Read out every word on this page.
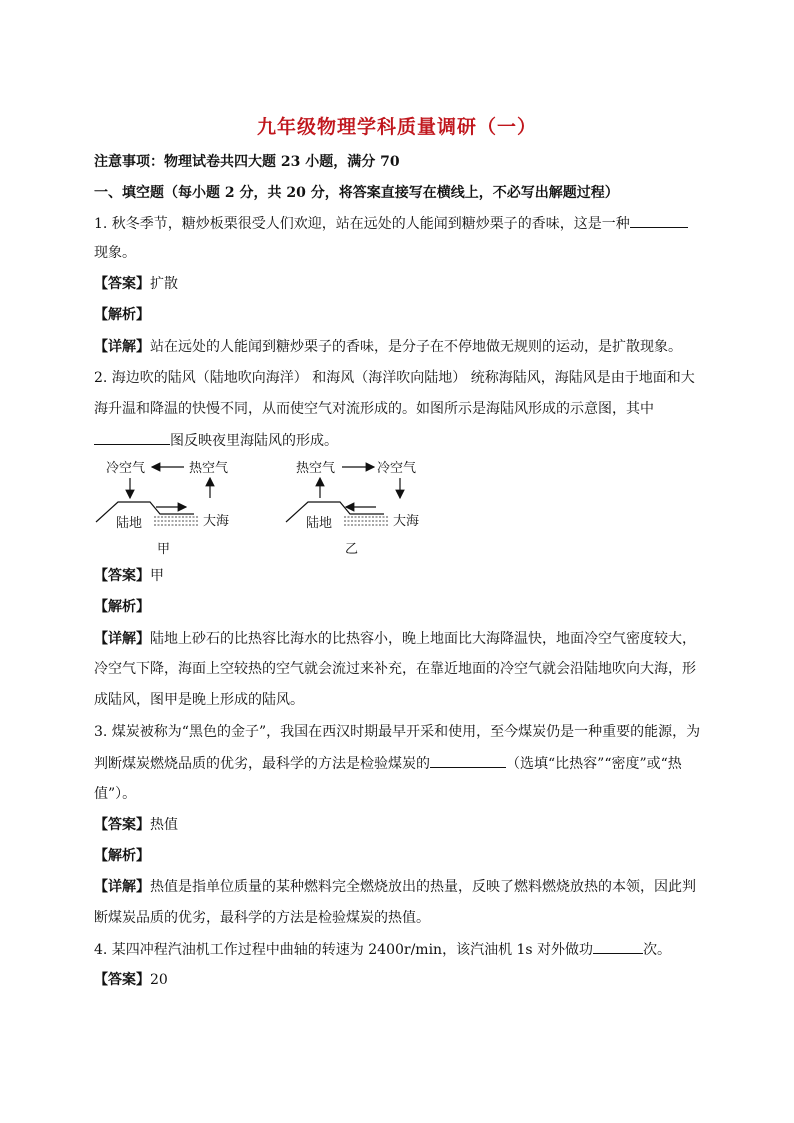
九年级物理学科质量调研（一）
注意事项：物理试卷共四大题 23 小题，满分 70
一、填空题（每小题 2 分，共 20 分，将答案直接写在横线上，不必写出解题过程）
1. 秋冬季节，糖炒板栗很受人们欢迎，站在远处的人能闻到糖炒栗子的香味，这是一种
现象。
【答案】扩散
【解析】
【详解】站在远处的人能闻到糖炒栗子的香味，是分子在不停地做无规则的运动，是扩散现象。
2. 海边吹的陆风（陆地吹向海洋） 和海风（海洋吹向陆地） 统称海陆风，海陆风是由于地面和大
海升温和降温的快慢不同，从而使空气对流形成的。如图所示是海陆风形成的示意图，其中
图反映夜里海陆风的形成。
冷空气	热空气
陆地	大海
甲
热空气	冷空气
陆地	大海
乙
【答案】甲
【解析】
【详解】陆地上砂石的比热容比海水的比热容小，晚上地面比大海降温快，地面冷空气密度较大，
冷空气下降，海面上空较热的空气就会流过来补充，在靠近地面的冷空气就会沿陆地吹向大海，形
成陆风，图甲是晚上形成的陆风。
3. 煤炭被称为“黑色的金子”，我国在西汉时期最早开采和使用，至今煤炭仍是一种重要的能源，为
判断煤炭燃烧品质的优劣，最科学的方法是检验煤炭的	（选填“比热容”“密度”或“热
值”）。
【答案】热值
【解析】
【详解】热值是指单位质量的某种燃料完全燃烧放出的热量，反映了燃料燃烧放热的本领，因此判
断煤炭品质的优劣，最科学的方法是检验煤炭的热值。
4. 某四冲程汽油机工作过程中曲轴的转速为 2400r/min，该汽油机 1s 对外做功	次。
【答案】20
